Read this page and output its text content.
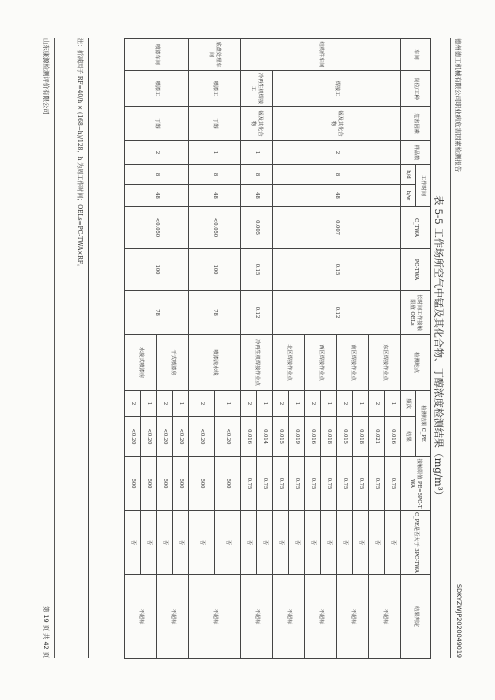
德州德工机械有限公司职业病危害因素检测报告
SDKYZWJP2020049019
表 5-5 工作场所空气中锰及其化合物、丁醇浓度检测结果（mg/m³）
车间	岗位/工种	危害因素	样品数	工作时间		C_TWA	PC-TWA	长时间工作接触限值 OELs	检测地点	检测结果 C_PE		接触限值 PE=5PC-TWA	C_PE是否大于 3PC-TWA	结果判定
				h/d	h/w					频次	结果			
结构件车间	焊接工	锰及其化合物	2	8	48	0.007	0.15	0.12	东区焊接作业点	1	0.016	0.75	否	不超标
										2	0.021	0.75	否	
									南区焊接作业点	1	0.018	0.75	否	不超标
										2	0.015	0.75	否	
									西区焊接作业点	1	0.018	0.75	否	不超标
										2	0.016	0.75	否	
									北区焊接作业点	1	0.019	0.75	否	不超标
										2	0.015	0.75	否	
	冷再生机焊接工	锰及其化合物	1	8	48	0.005	0.15	0.12	冷再生机焊接作业点	1	0.014	0.75	否	不超标
										2	0.016	0.75	否	
底盘处理车间	喷漆工	丁醇	1	8	48	<0.050	100	78	喷漆流水线	1	<0.20	500	否	不超标
										2	<0.20	500	否	
喷漆车间	喷漆工	丁醇	2	8	48	<0.050	100	78	干式喷漆房	1	<0.20	500	否	不超标
										2	<0.20	500	否	
									水旋式喷漆房	1	<0.20	500	否	不超标
										2	<0.20	500	否	
注：折减因子 RF=40/h × (168−h)/128，h 为周工作时间；OELs=PC-TWA×RF。
山东康源检测评价有限公司
第 19 页 共 42 页
